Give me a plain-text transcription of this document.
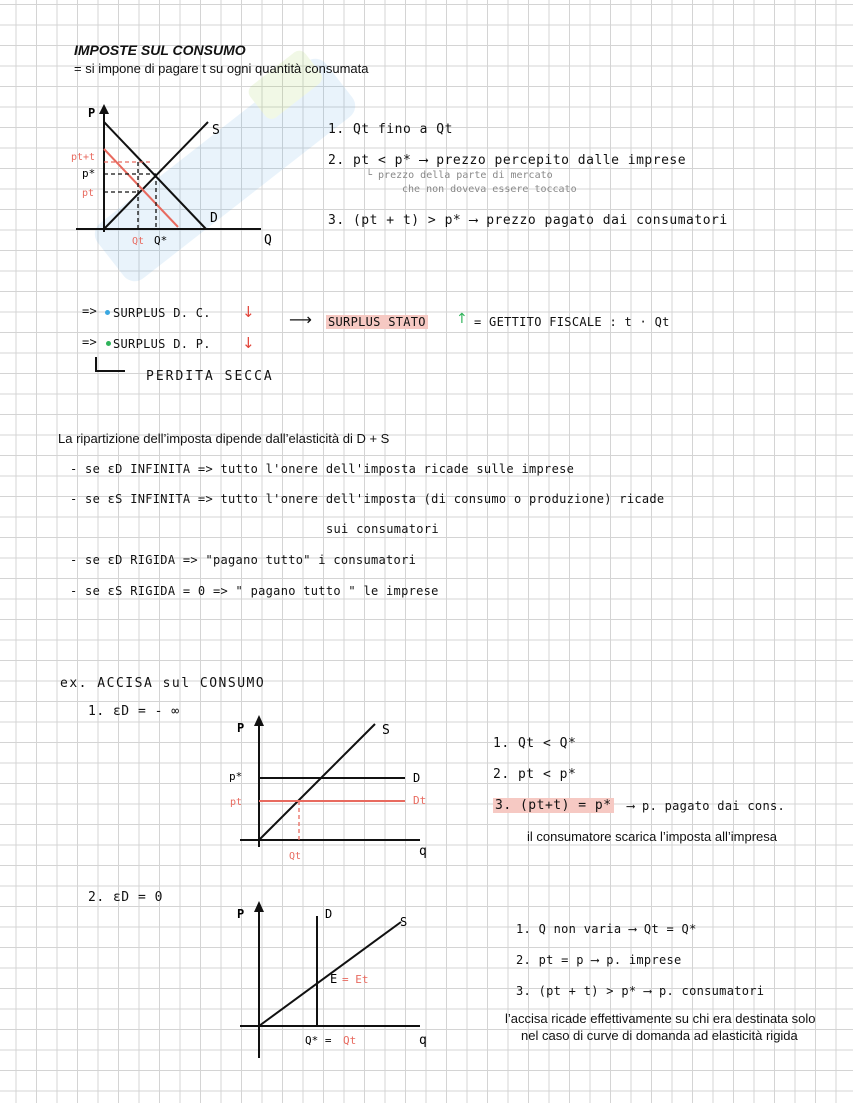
IMPOSTE SUL CONSUMO
= si impone di pagare t su ogni quantità consumata
P
S
D
Q
pt+t
p*
pt
Qt Q*
1. Qt fino a Qt
2. pt < p* ⟶ prezzo percepito dalle imprese
└ prezzo della parte di mercato
che non doveva essere toccato
3. (pt + t) > p* ⟶ prezzo pagato dai consumatori
=> SURPLUS D. C. ↓
=> SURPLUS D. P. ↓
PERDITA SECCA
⟶ SURPLUS STATO ↑ = GETTITO FISCALE : t · Qt
La ripartizione dell’imposta dipende dall’elasticità di D + S
- se ɛD INFINITA => tutto l'onere dell'imposta ricade sulle imprese
- se ɛS INFINITA => tutto l'onere dell'imposta (di consumo o produzione) ricade
sui consumatori
- se ɛD RIGIDA => "pagano tutto" i consumatori
- se ɛS RIGIDA = 0 => " pagano tutto " le imprese
ex. ACCISA sul CONSUMO
1. ɛD = - ∞
2. ɛD = 0
P	S
D
Dt
p*
pt
Qt	q
1. Qt < Q*
2. pt < p*
3. (pt+t) = p* ⟶ p. pagato dai cons.
il consumatore scarica l’imposta all’impresa
P	D
S
E = Et
Q* = Qt	q
1. Q non varia ⟶ Qt = Q*
2. pt = p ⟶ p. imprese
3. (pt + t) > p* ⟶ p. consumatori
l’accisa ricade effettivamente su chi era destinata solo
nel caso di curve di domanda ad elasticità rigida
